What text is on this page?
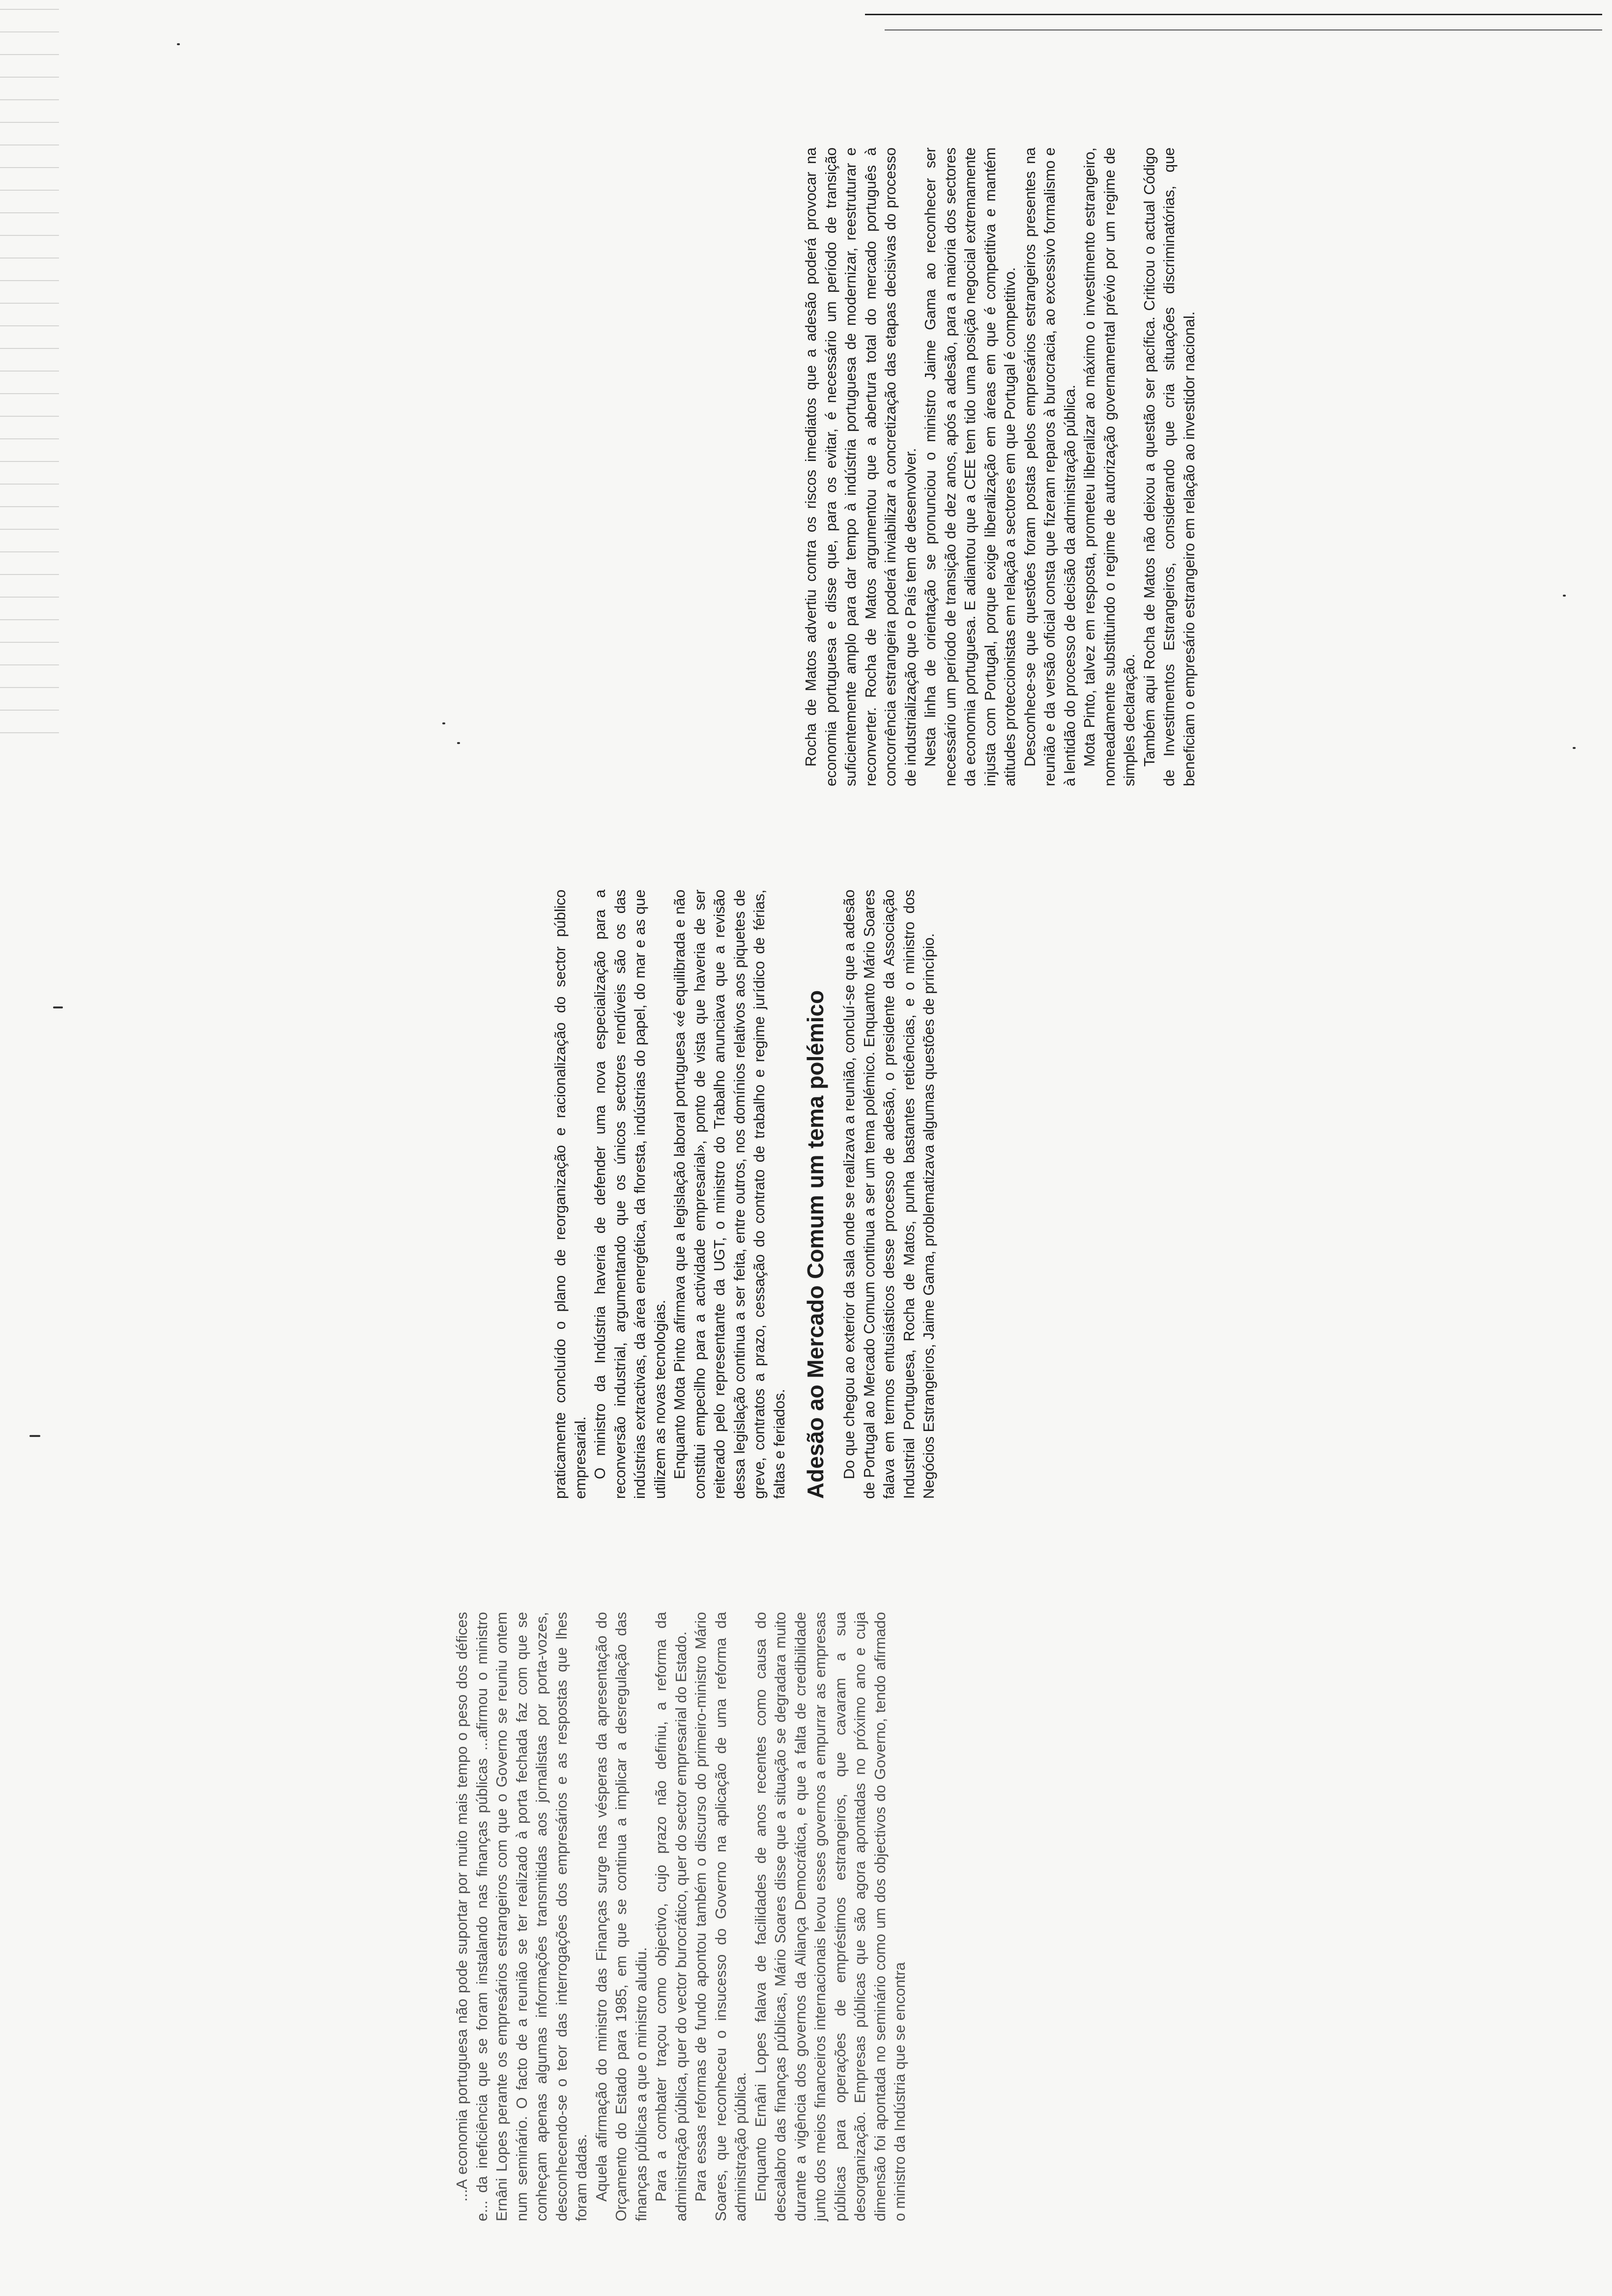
...A economia portuguesa não pode suportar por muito mais tempo o peso dos défices e... da ineficiência que se foram instalando nas finanças públicas ...afirmou o ministro Ernâni Lopes perante os empresários estrangeiros com que o Governo se reuniu ontem num seminário. O facto de a reunião se ter realizado à porta fechada faz com que se conheçam apenas algumas informações transmitidas aos jornalistas por porta-vozes, desconhecendo-se o teor das interrogações dos empresários e as respostas que lhes foram dadas. Aquela afirmação do ministro das Finanças surge nas vésperas da apresentação do Orçamento do Estado para 1985, em que se continua a implicar a desregulação das finanças públicas a que o ministro aludiu. Para a combater traçou como objectivo, cujo prazo não definiu, a reforma da administração pública, quer do vector burocrático, quer do sector empresarial do Estado. Para essas reformas de fundo apontou também o discurso do primeiro-ministro Mário Soares, que reconheceu o insucesso do Governo na aplicação de uma reforma da administração pública. Enquanto Ernâni Lopes falava de facilidades de anos recentes como causa do descalabro das finanças públicas, Mário Soares disse que a situação se degradara muito durante a vigência dos governos da Aliança Democrática, e que a falta de credibilidade junto dos meios financeiros internacionais levou esses governos a empurrar as empresas públicas para operações de empréstimos estrangeiros, que cavaram a sua desorganização. Empresas públicas que são agora apontadas no próximo ano e cuja dimensão foi apontada no seminário como um dos objectivos do Governo, tendo afirmado o ministro da Indústria que se encontra

praticamente concluído o plano de reorganização e racionalização do sector público empresarial. O ministro da Indústria haveria de defender uma nova especialização para a reconversão industrial, argumentando que os únicos sectores rendíveis são os das indústrias extractivas, da área energética, da floresta, indústrias do papel, do mar e as que utilizem as novas tecnologias. Enquanto Mota Pinto afirmava que a legislação laboral portuguesa «é equilibrada e não constitui empecilho para a actividade empresarial», ponto de vista que haveria de ser reiterado pelo representante da UGT, o ministro do Trabalho anunciava que a revisão dessa legislação continua a ser feita, entre outros, nos domínios relativos aos piquetes de greve, contratos a prazo, cessação do contrato de trabalho e regime jurídico de férias, faltas e feriados. Adesão ao Mercado Comum um tema polémico Do que chegou ao exterior da sala onde se realizava a reunião, concluí-se que a adesão de Portugal ao Mercado Comum continua a ser um tema polémico. Enquanto Mário Soares falava em termos entusiásticos desse processo de adesão, o presidente da Associação Industrial Portuguesa, Rocha de Matos, punha bastantes reticências, e o ministro dos Negócios Estrangeiros, Jaime Gama, problematizava algumas questões de princípio.

Rocha de Matos advertiu contra os riscos imediatos que a adesão poderá provocar na economia portuguesa e disse que, para os evitar, é necessário um período de transição suficientemente amplo para dar tempo à indústria portuguesa de modernizar, reestruturar e reconverter. Rocha de Matos argumentou que a abertura total do mercado português à concorrência estrangeira poderá inviabilizar a concretização das etapas decisivas do processo de industrialização que o País tem de desenvolver. Nesta linha de orientação se pronunciou o ministro Jaime Gama ao reconhecer ser necessário um período de transição de dez anos, após a adesão, para a maioria dos sectores da economia portuguesa. E adiantou que a CEE tem tido uma posição negocial extremamente injusta com Portugal, porque exige liberalização em áreas em que é competitiva e mantém atitudes proteccionistas em relação a sectores em que Portugal é competitivo. Desconhece-se que questões foram postas pelos empresários estrangeiros presentes na reunião e da versão oficial consta que fizeram reparos à burocracia, ao excessivo formalismo e à lentidão do processo de decisão da administração pública. Mota Pinto, talvez em resposta, prometeu liberalizar ao máximo o investimento estrangeiro, nomeadamente substituindo o regime de autorização governamental prévio por um regime de simples declaração. Também aqui Rocha de Matos não deixou a questão ser pacífica. Criticou o actual Código de Investimentos Estrangeiros, considerando que cria situações discriminatórias, que beneficiam o empresário estrangeiro em relação ao investidor nacional.
